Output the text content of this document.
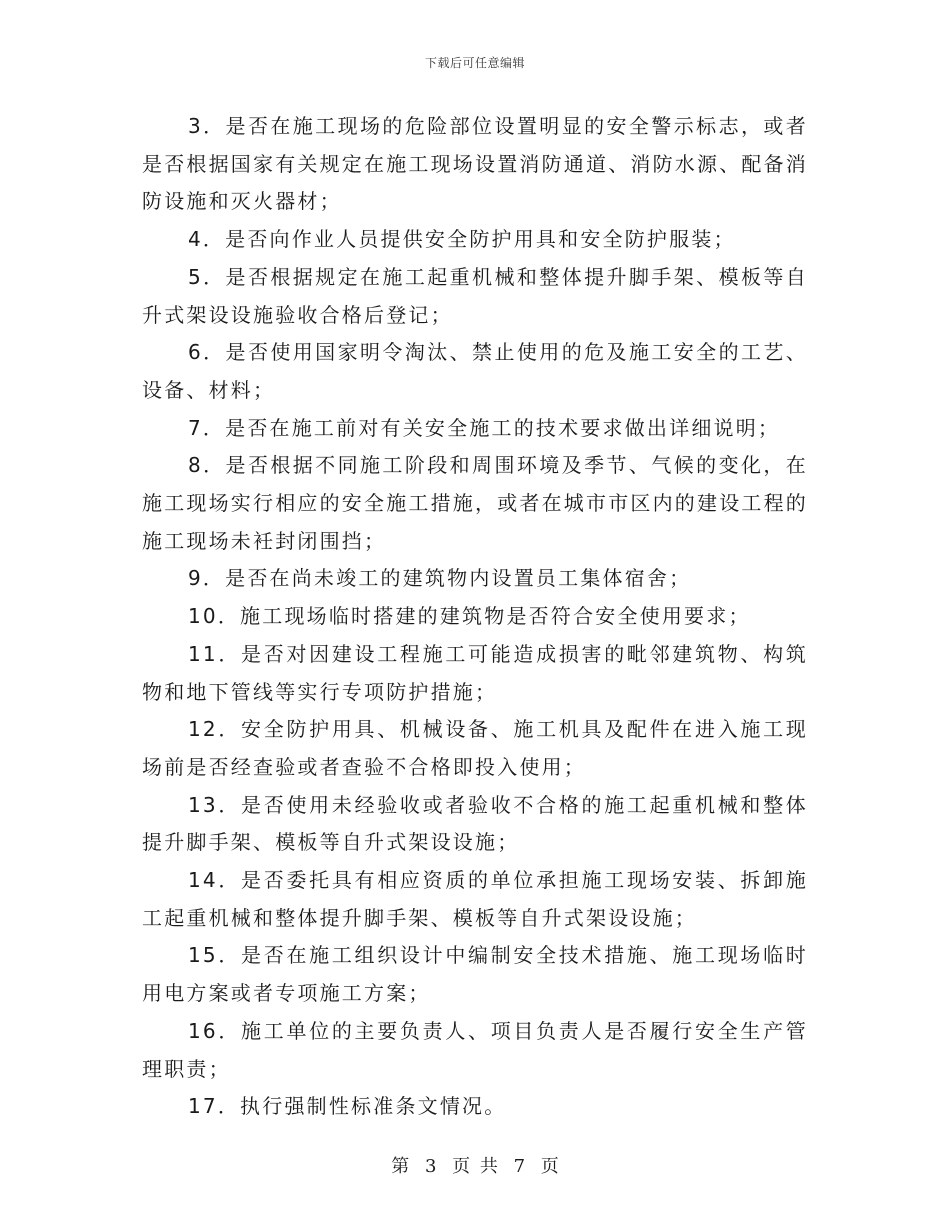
下载后可任意编辑

3．是否在施工现场的危险部位设置明显的安全警示标志，或者是否根据国家有关规定在施工现场设置消防通道、消防水源、配备消防设施和灭火器材；

4．是否向作业人员提供安全防护用具和安全防护服装；

5．是否根据规定在施工起重机械和整体提升脚手架、模板等自升式架设设施验收合格后登记；

6．是否使用国家明令淘汰、禁止使用的危及施工安全的工艺、设备、材料；

7．是否在施工前对有关安全施工的技术要求做出详细说明；

8．是否根据不同施工阶段和周围环境及季节、气候的变化，在施工现场实行相应的安全施工措施，或者在城市市区内的建设工程的施工现场未衽封闭围挡；

9．是否在尚未竣工的建筑物内设置员工集体宿舍；

10．施工现场临时搭建的建筑物是否符合安全使用要求；

11．是否对因建设工程施工可能造成损害的毗邻建筑物、构筑物和地下管线等实行专项防护措施；

12．安全防护用具、机械设备、施工机具及配件在进入施工现场前是否经查验或者查验不合格即投入使用；

13．是否使用未经验收或者验收不合格的施工起重机械和整体提升脚手架、模板等自升式架设设施；

14．是否委托具有相应资质的单位承担施工现场安装、拆卸施工起重机械和整体提升脚手架、模板等自升式架设设施；

15．是否在施工组织设计中编制安全技术措施、施工现场临时用电方案或者专项施工方案；

16．施工单位的主要负责人、项目负责人是否履行安全生产管理职责；

17．执行强制性标准条文情况。

第 3 页 共 7 页
